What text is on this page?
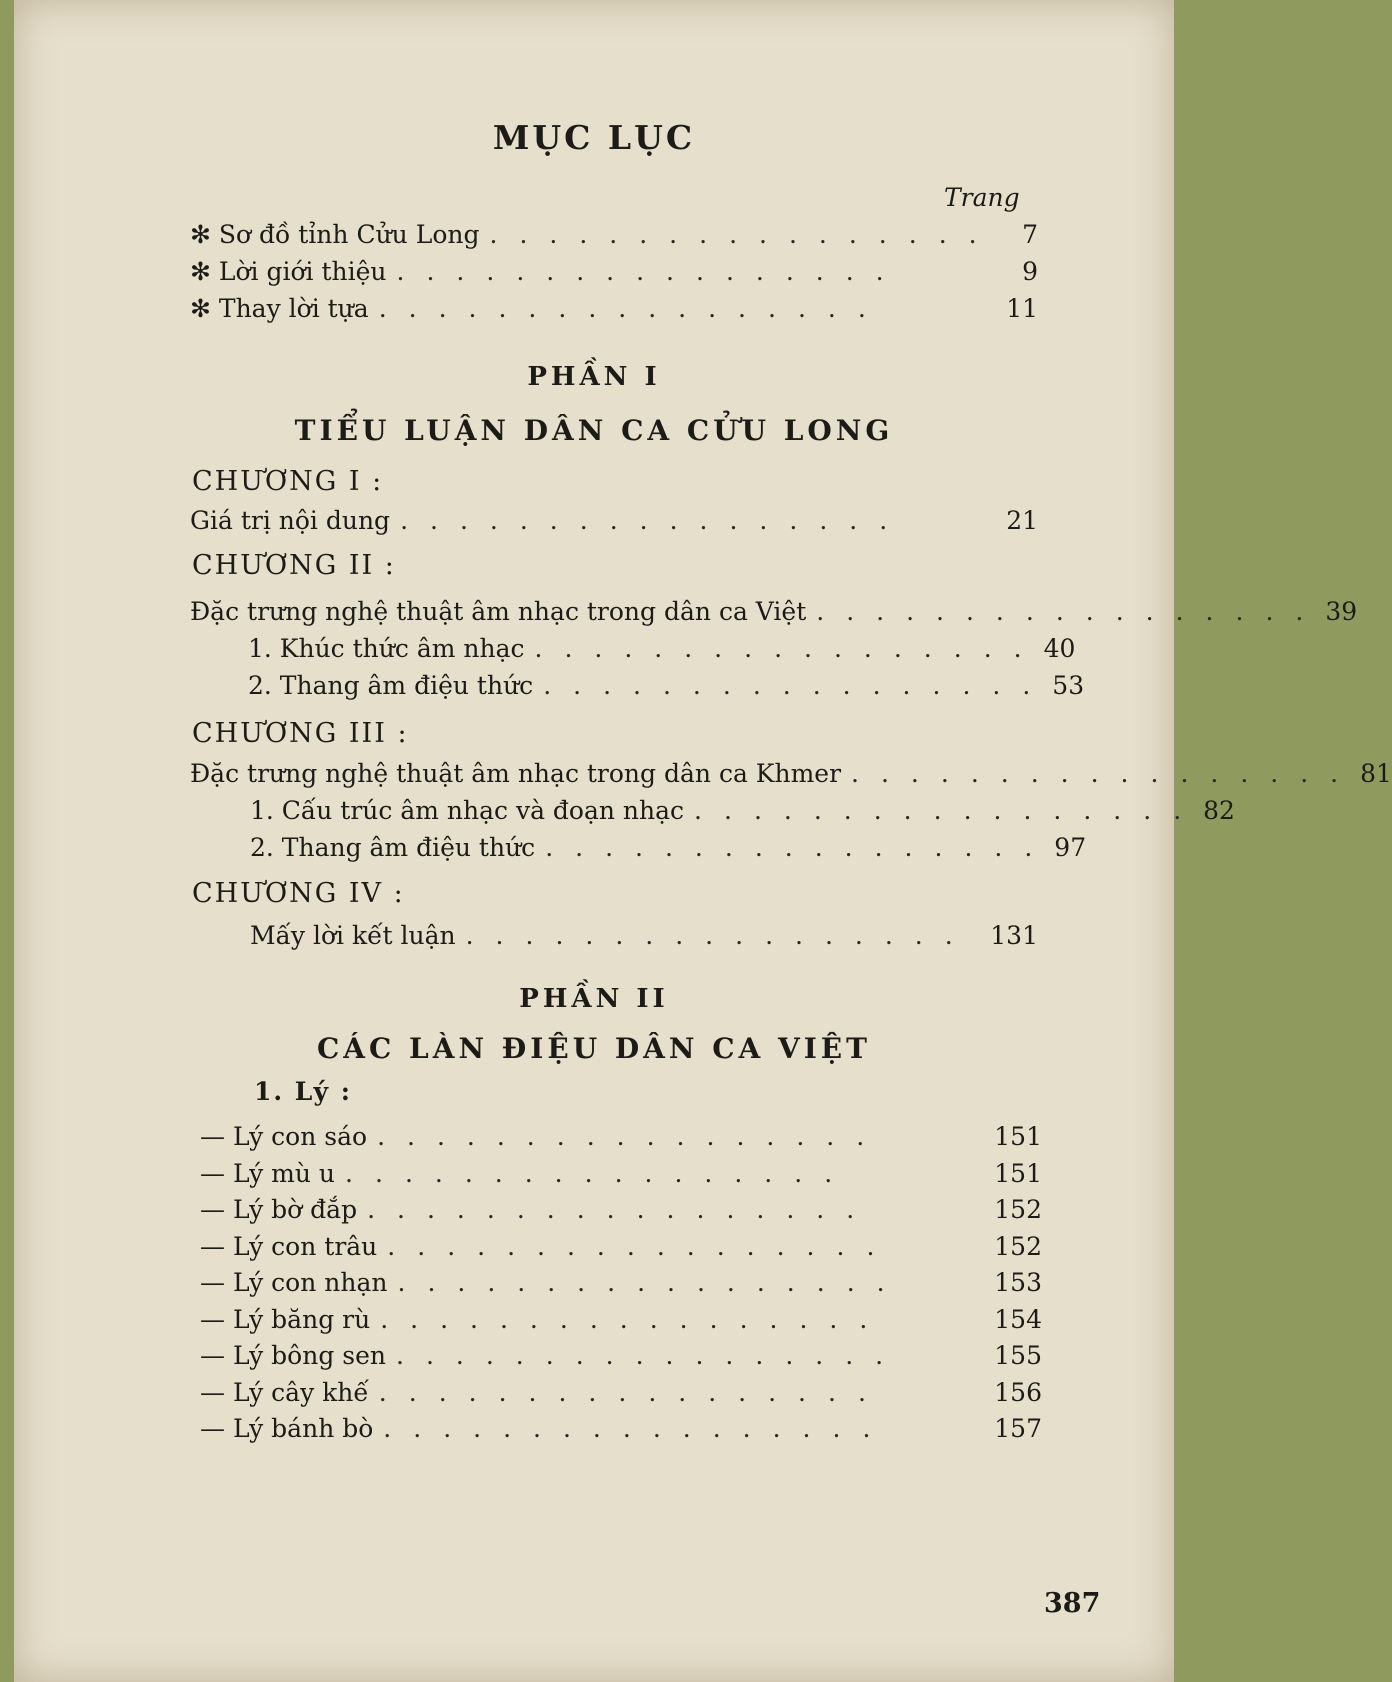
MỤC LỤC
Trang
✻ Sơ đồ tỉnh Cửu Long ................. 7
✻ Lời giới thiệu .................	9
✻ Thay lời tựa .................	11
PHẦN I
TIỂU LUẬN DÂN CA CỬU LONG
CHƯƠNG I :
Giá trị nội dung .................	21
CHƯƠNG II :
Đặc trưng nghệ thuật âm nhạc trong dân ca Việt ................. 39
1. Khúc thức âm nhạc ................. 40
2. Thang âm điệu thức ................. 53
CHƯƠNG III :
Đặc trưng nghệ thuật âm nhạc trong dân ca Khmer ................. 81
1. Cấu trúc âm nhạc và đoạn nhạc ................. 82
2. Thang âm điệu thức ................. 97
CHƯƠNG IV :
Mấy lời kết luận ................. 131
PHẦN II
CÁC LÀN ĐIỆU DÂN CA VIỆT
1. Lý :
— Lý con sáo .................	151
— Lý mù u .................	151
— Lý bờ đắp .................	152
— Lý con trâu .................	152
— Lý con nhạn .................	153
— Lý băng rù .................	154
— Lý bông sen .................	155
— Lý cây khế .................	156
— Lý bánh bò .................	157
387
